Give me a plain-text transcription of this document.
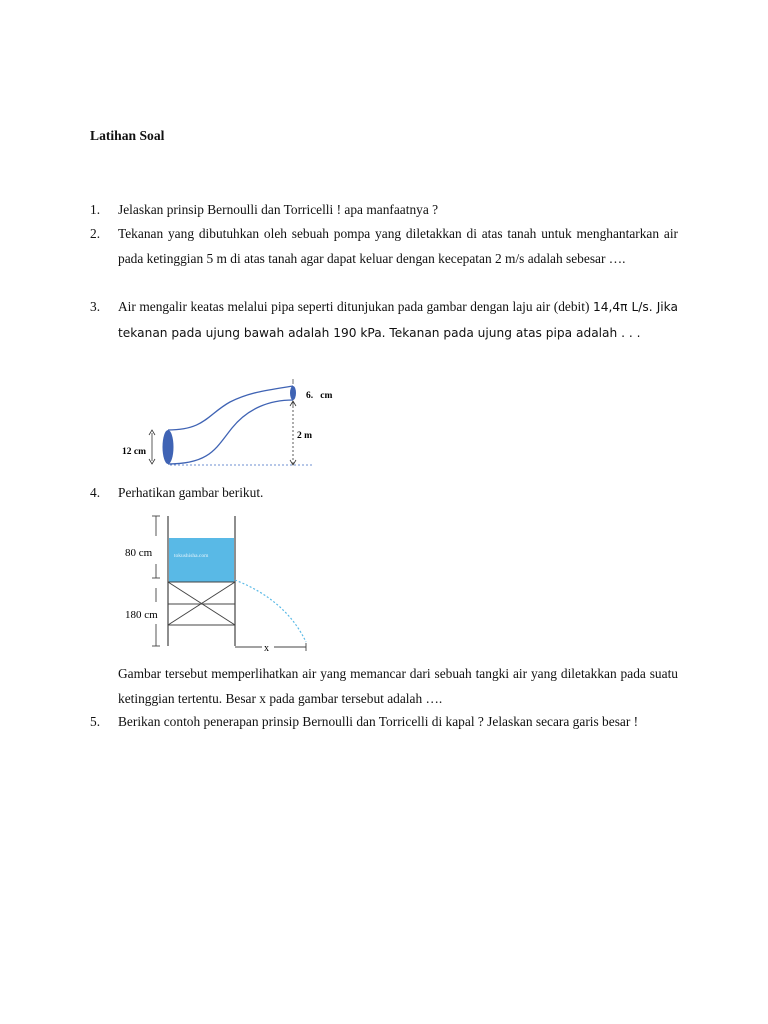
Latihan Soal
1.	Jelaskan prinsip Bernoulli dan Torricelli ! apa manfaatnya ?
2.	Tekanan yang dibutuhkan oleh sebuah pompa yang diletakkan di atas tanah untuk menghantarkan air pada ketinggian 5 m di atas tanah agar dapat keluar dengan kecepatan 2 m/s adalah sebesar ….
3.	Air mengalir keatas melalui pipa seperti ditunjukan pada gambar dengan laju air (debit) 14,4π L/s. Jika tekanan pada ujung bawah adalah 190 kPa. Tekanan pada ujung atas pipa adalah . . .
6.   cm
2 m
12 cm
4.	Perhatikan gambar berikut.
tokushisha.com
80 cm
180 cm
x
Gambar tersebut memperlihatkan air yang memancar dari sebuah tangki air yang diletakkan pada suatu ketinggian tertentu. Besar x pada gambar tersebut adalah ….
5.	Berikan contoh penerapan prinsip Bernoulli dan Torricelli di kapal ? Jelaskan secara garis besar !
